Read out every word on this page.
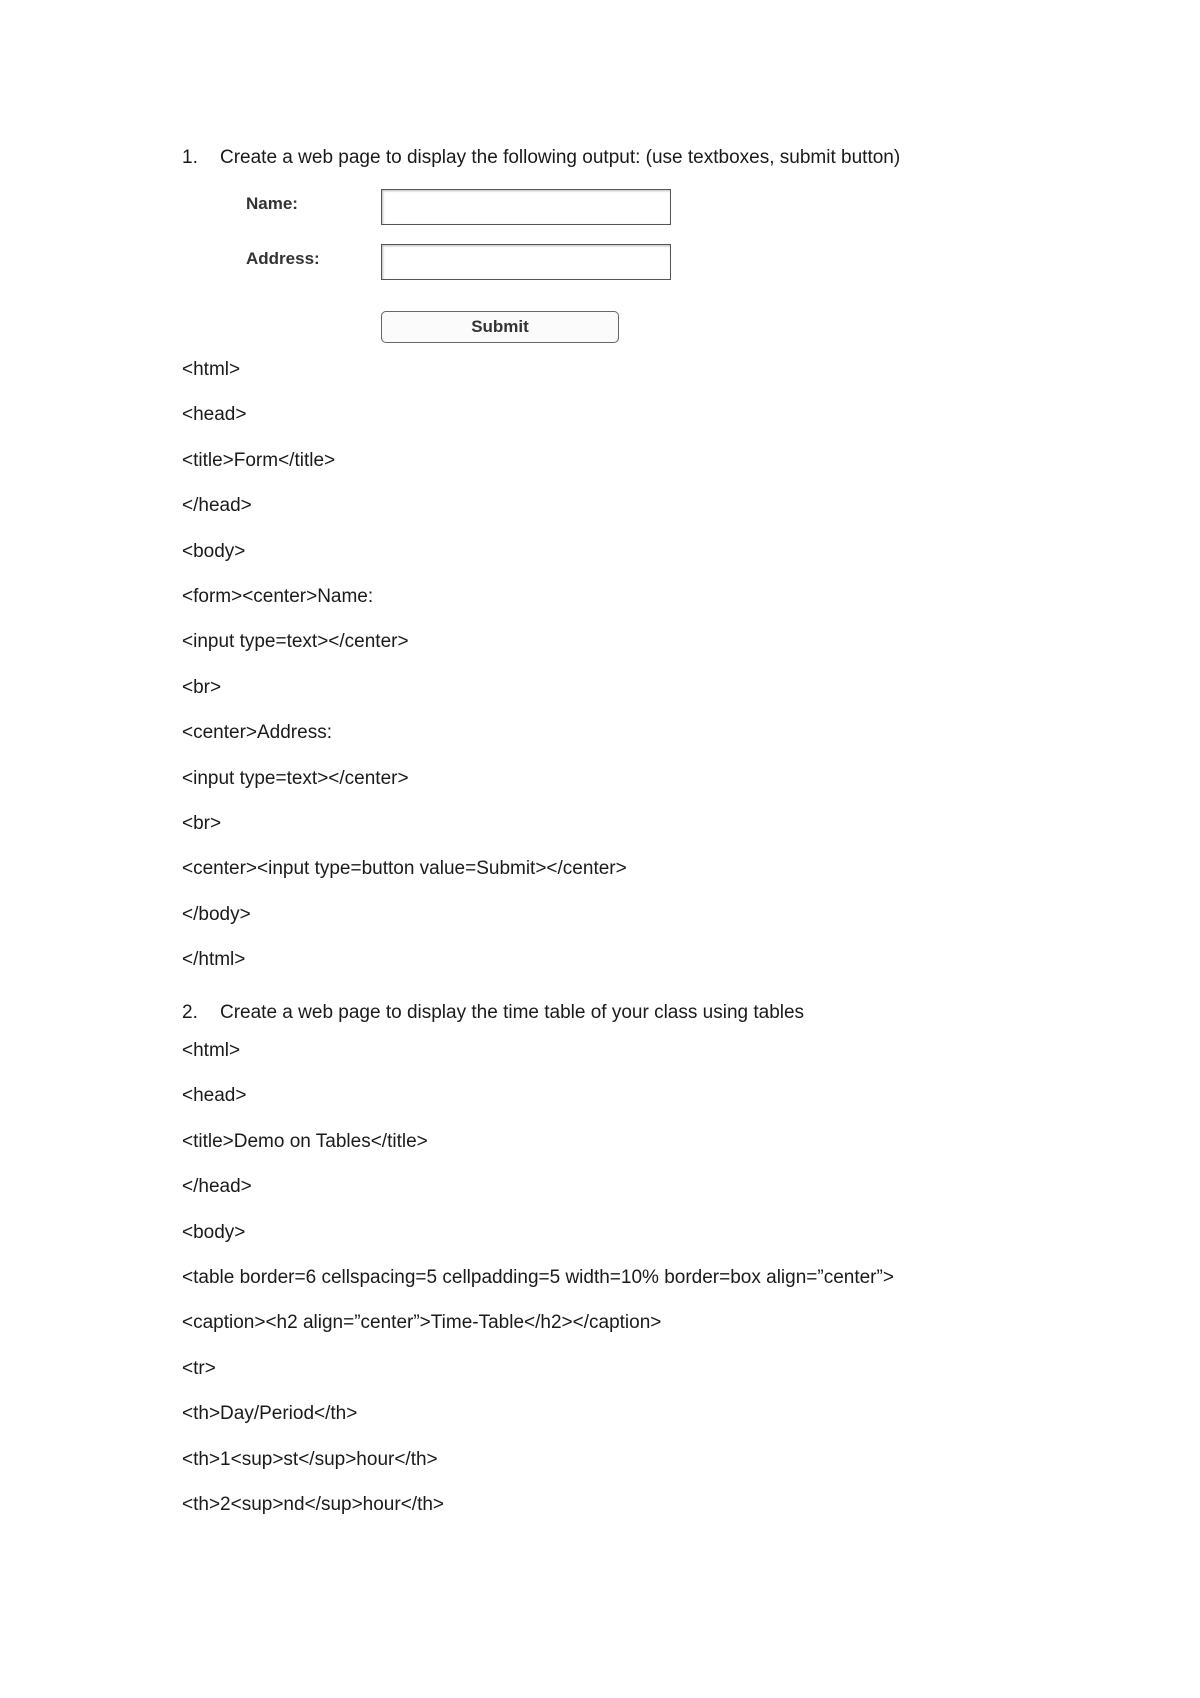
1. Create a web page to display the following output: (use textboxes, submit button)
Name:
Address:
Submit
<html>
<head>
<title>Form</title>
</head>
<body>
<form><center>Name:
<input type=text></center>
<br>
<center>Address:
<input type=text></center>
<br>
<center><input type=button value=Submit></center>
</body>
</html>
2. Create a web page to display the time table of your class using tables
<html>
<head>
<title>Demo on Tables</title>
</head>
<body>
<table border=6 cellspacing=5 cellpadding=5 width=10% border=box align=”center”>
<caption><h2 align=”center”>Time-Table</h2></caption>
<tr>
<th>Day/Period</th>
<th>1<sup>st</sup>hour</th>
<th>2<sup>nd</sup>hour</th>
